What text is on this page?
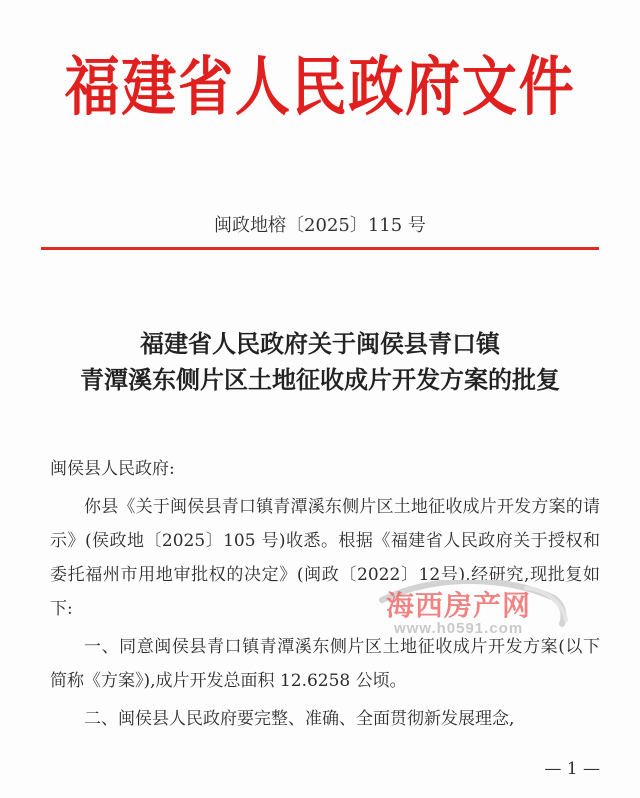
福建省人民政府文件
闽政地榕〔2025〕115 号
福建省人民政府关于闽侯县青口镇
青潭溪东侧片区土地征收成片开发方案的批复

闽侯县人民政府:

你县《关于闽侯县青口镇青潭溪东侧片区土地征收成片开发方案的请示》(侯政地〔2025〕105 号)收悉。根据《福建省人民政府关于授权和委托福州市用地审批权的决定》(闽政〔2022〕12号),经研究,现批复如下:

一、同意闽侯县青口镇青潭溪东侧片区土地征收成片开发方案(以下简称《方案》),成片开发总面积 12.6258 公顷。

二、闽侯县人民政府要完整、准确、全面贯彻新发展理念,

海西房产网
www.h0591.com
— 1 —
